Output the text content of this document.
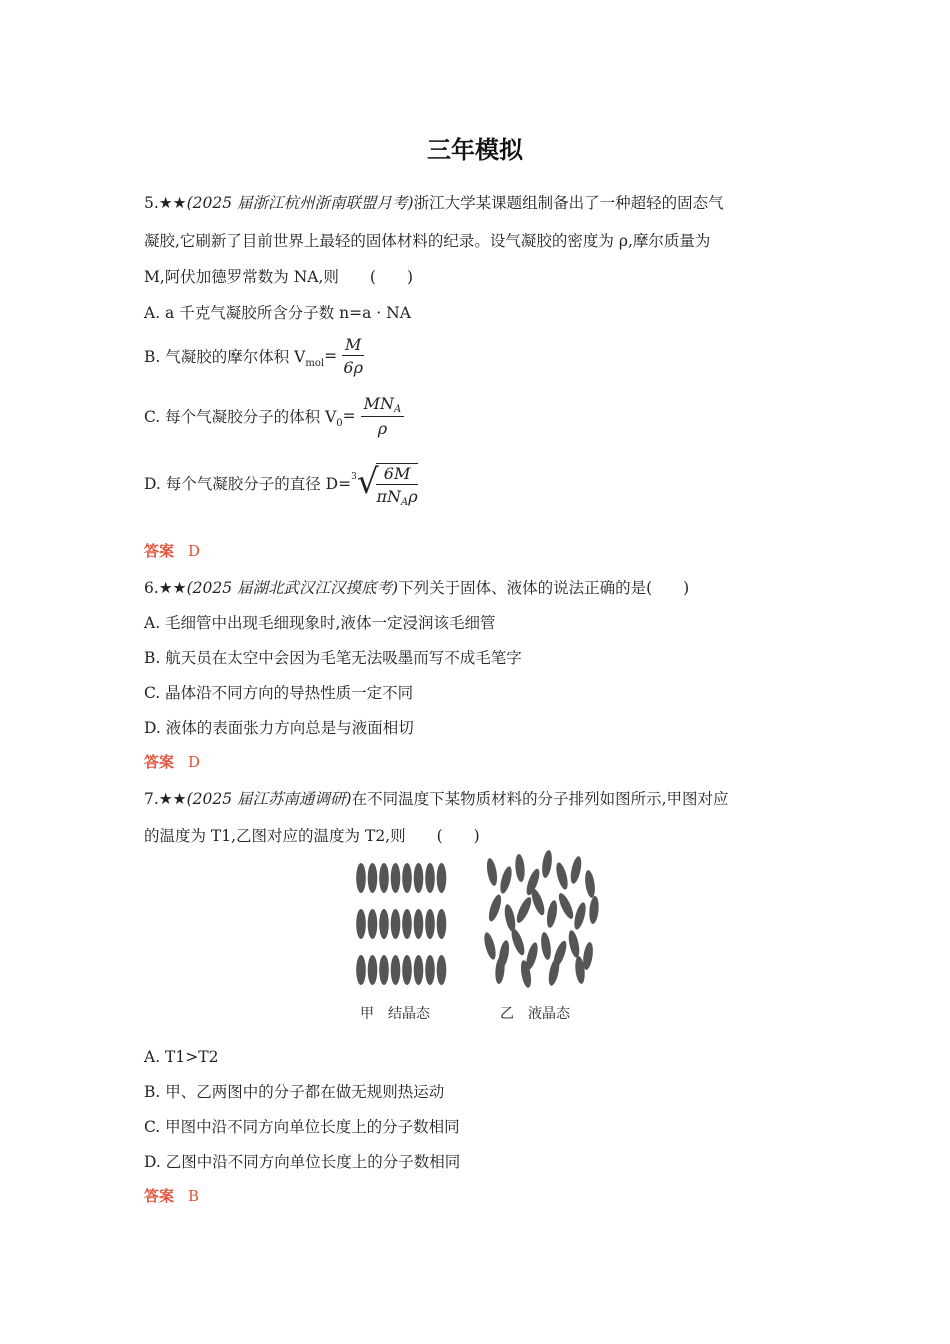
三年模拟
5.★★(2025 届浙江杭州浙南联盟月考)浙江大学某课题组制备出了一种超轻的固态气
凝胶,它刷新了目前世界上最轻的固体材料的纪录。设气凝胶的密度为 ρ,摩尔质量为
M,阿伏加德罗常数为 NA,则　　(　　)
A. a 千克气凝胶所含分子数 n=a · NA
B. 气凝胶的摩尔体积 $V_{mol}= \frac{M}{6\rho}$
C. 每个气凝胶分子的体积 $V_0= \frac{MN_A}{\rho}$
D. 每个气凝胶分子的直径 D=$^3$√
$\frac{6M}{\pi N_A\rho}$
答案 D
6.★★(2025 届湖北武汉江汉摸底考)下列关于固体、液体的说法正确的是(　　)
A. 毛细管中出现毛细现象时,液体一定浸润该毛细管
B. 航天员在太空中会因为毛笔无法吸墨而写不成毛笔字
C. 晶体沿不同方向的导热性质一定不同
D. 液体的表面张力方向总是与液面相切
答案 D
7.★★(2025 届江苏南通调研)在不同温度下某物质材料的分子排列如图所示,甲图对应
的温度为 T1,乙图对应的温度为 T2,则　　(　　)
甲　结晶态	乙　液晶态
A. T1>T2
B. 甲、乙两图中的分子都在做无规则热运动
C. 甲图中沿不同方向单位长度上的分子数相同
D. 乙图中沿不同方向单位长度上的分子数相同
答案 B
